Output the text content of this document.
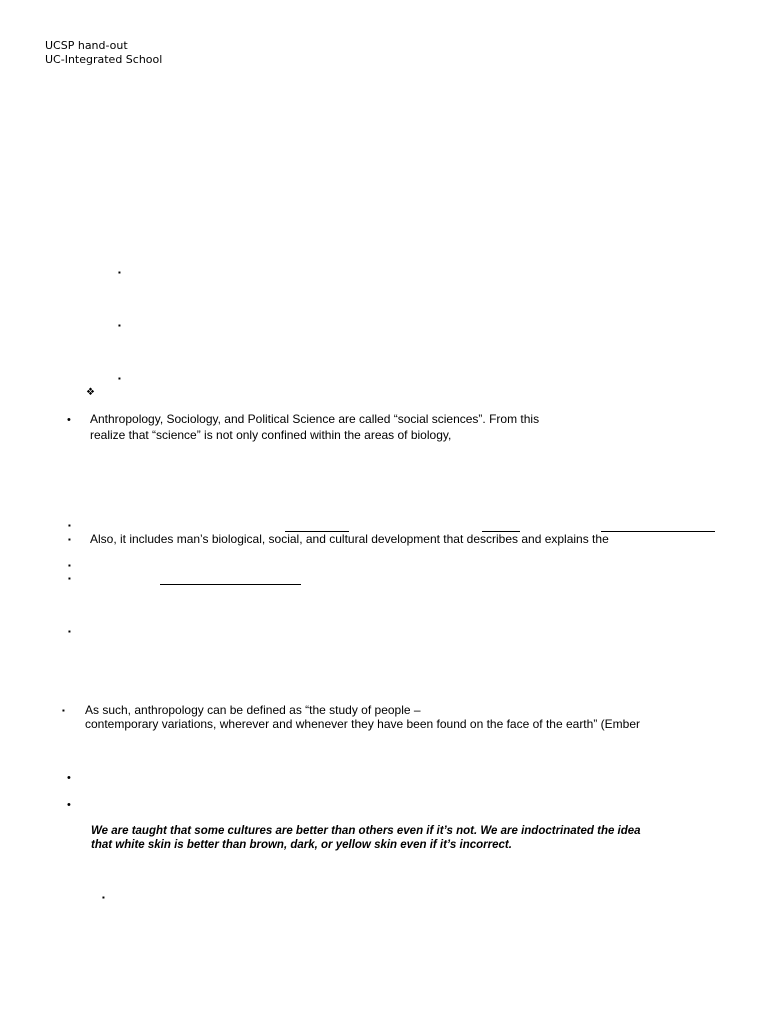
UCSP hand-out
UC-Integrated School
▪
▪
▪
❖
• Anthropology, Sociology, and Political Science are called “social sciences”. From this
realize that “science” is not only confined within the areas of biology,
▪
▪ Also, it includes man’s biological, social, and cultural development that describes and explains the
▪
▪
▪
▪ As such, anthropology can be defined as “the study of people –
contemporary variations, wherever and whenever they have been found on the face of the earth” (Ember
•
•
We are taught that some cultures are better than others even if it’s not. We are indoctrinated the idea
that white skin is better than brown, dark, or yellow skin even if it’s incorrect.
▪
